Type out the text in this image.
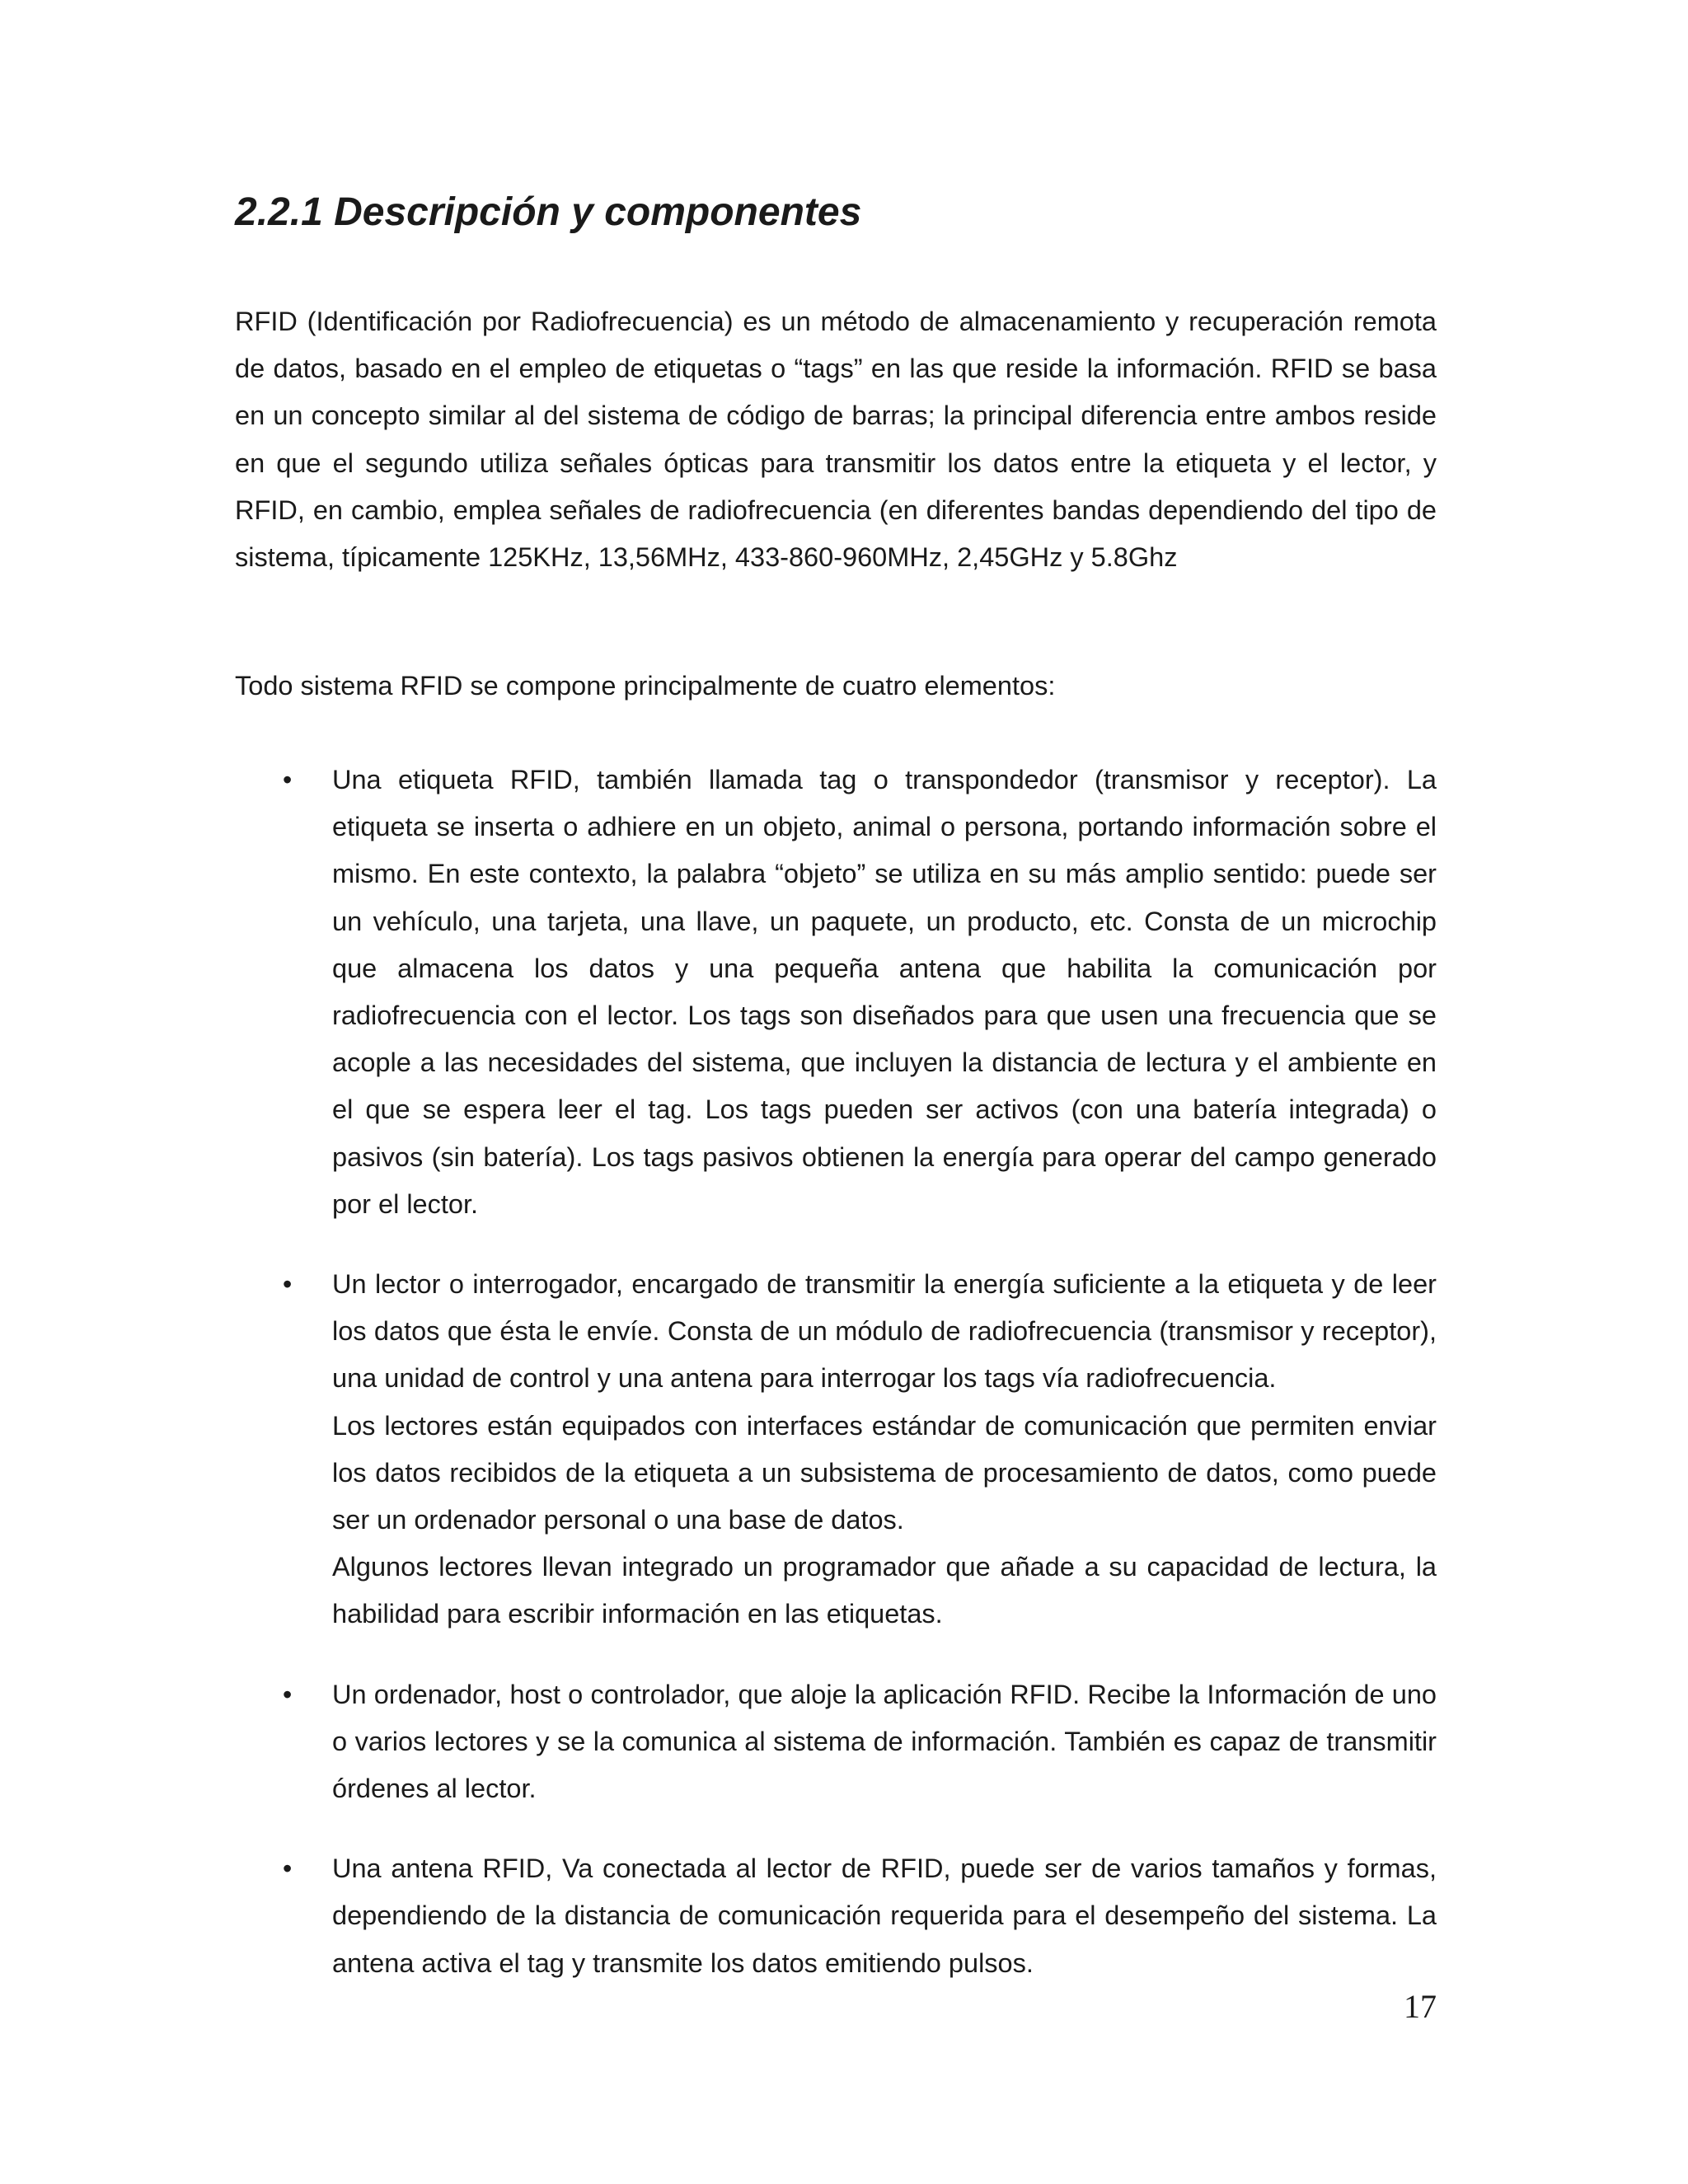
2.2.1 Descripción y componentes

RFID (Identificación por Radiofrecuencia) es un método de almacenamiento y recuperación remota de datos, basado en el empleo de etiquetas o “tags” en las que reside la información. RFID se basa en un concepto similar al del sistema de código de barras; la principal diferencia entre ambos reside en que el segundo utiliza señales ópticas para transmitir los datos entre la etiqueta y el lector, y RFID, en cambio, emplea señales de radiofrecuencia (en diferentes bandas dependiendo del tipo de sistema, típicamente 125KHz, 13,56MHz, 433-860-960MHz, 2,45GHz y 5.8Ghz

Todo sistema RFID se compone principalmente de cuatro elementos:

• Una etiqueta RFID, también llamada tag o transpondedor (transmisor y receptor). La etiqueta se inserta o adhiere en un objeto, animal o persona, portando información sobre el mismo. En este contexto, la palabra “objeto” se utiliza en su más amplio sentido: puede ser un vehículo, una tarjeta, una llave, un paquete, un producto, etc. Consta de un microchip que almacena los datos y una pequeña antena que habilita la comunicación por radiofrecuencia con el lector. Los tags son diseñados para que usen una frecuencia que se acople a las necesidades del sistema, que incluyen la distancia de lectura y el ambiente en el que se espera leer el tag. Los tags pueden ser activos (con una batería integrada) o pasivos (sin batería). Los tags pasivos obtienen la energía para operar del campo generado por el lector.
• Un lector o interrogador, encargado de transmitir la energía suficiente a la etiqueta y de leer los datos que ésta le envíe. Consta de un módulo de radiofrecuencia (transmisor y receptor), una unidad de control y una antena para interrogar los tags vía radiofrecuencia.
Los lectores están equipados con interfaces estándar de comunicación que permiten enviar los datos recibidos de la etiqueta a un subsistema de procesamiento de datos, como puede ser un ordenador personal o una base de datos.
Algunos lectores llevan integrado un programador que añade a su capacidad de lectura, la habilidad para escribir información en las etiquetas.
• Un ordenador, host o controlador, que aloje la aplicación RFID. Recibe la Información de uno o varios lectores y se la comunica al sistema de información. También es capaz de transmitir órdenes al lector.
• Una antena RFID, Va conectada al lector de RFID, puede ser de varios tamaños y formas, dependiendo de la distancia de comunicación requerida para el desempeño del sistema. La antena activa el tag y transmite los datos emitiendo pulsos.
17
